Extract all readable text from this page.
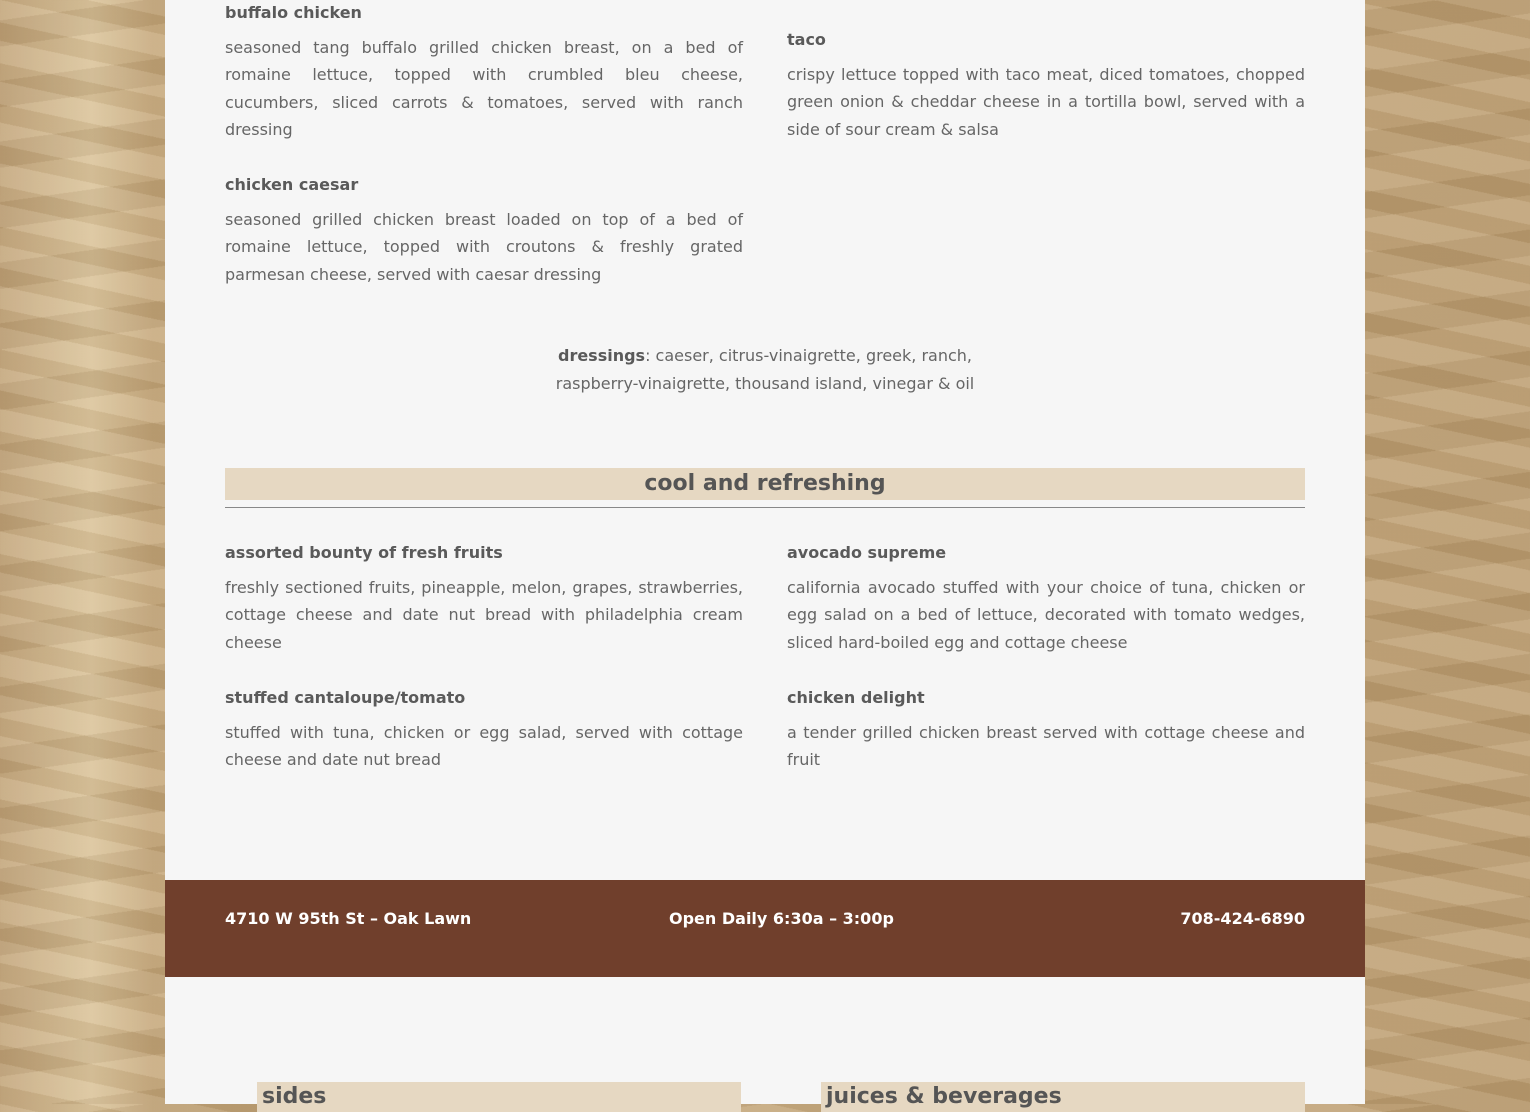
buffalo chicken

seasoned tang buffalo grilled chicken breast, on a bed of romaine lettuce, topped with crumbled bleu cheese, cucumbers, sliced carrots & tomatoes, served with ranch dressing

chicken caesar

seasoned grilled chicken breast loaded on top of a bed of romaine lettuce, topped with croutons & freshly grated parmesan cheese, served with caesar dressing

taco

crispy lettuce topped with taco meat, diced tomatoes, chopped green onion & cheddar cheese in a tortilla bowl, served with a side of sour cream & salsa

dressings: caeser, citrus-vinaigrette, greek, ranch,
raspberry-vinaigrette, thousand island, vinegar & oil
cool and refreshing

assorted bounty of fresh fruits

freshly sectioned fruits, pineapple, melon, grapes, strawberries, cottage cheese and date nut bread with philadelphia cream cheese

stuffed cantaloupe/tomato

stuffed with tuna, chicken or egg salad, served with cottage cheese and date nut bread

avocado supreme

california avocado stuffed with your choice of tuna, chicken or egg salad on a bed of lettuce, decorated with tomato wedges, sliced hard-boiled egg and cottage cheese

chicken delight

a tender grilled chicken breast served with cottage cheese and fruit

4710 W 95th St – Oak Lawn	Open Daily 6:30a – 3:00p	708-424-6890
sides	juices & beverages
